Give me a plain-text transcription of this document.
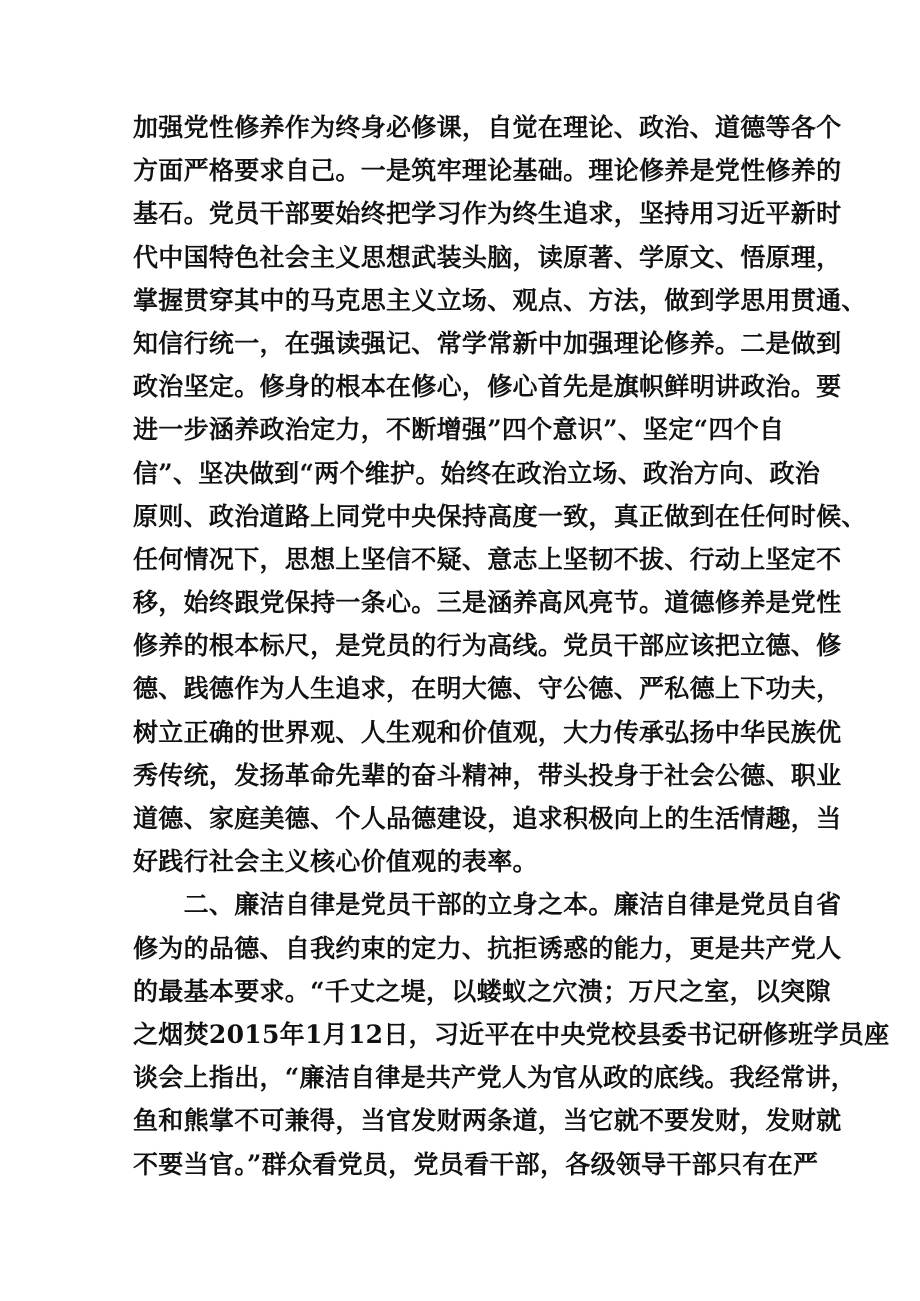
加强党性修养作为终身必修课，自觉在理论、政治、道德等各个
方面严格要求自己。一是筑牢理论基础。理论修养是党性修养的
基石。党员干部要始终把学习作为终生追求，坚持用习近平新时
代中国特色社会主义思想武装头脑，读原著、学原文、悟原理，
掌握贯穿其中的马克思主义立场、观点、方法，做到学思用贯通、
知信行统一，在强读强记、常学常新中加强理论修养。二是做到
政治坚定。修身的根本在修心，修心首先是旗帜鲜明讲政治。要
进一步涵养政治定力，不断增强”四个意识”、坚定“四个自
信”、坚决做到“两个维护。始终在政治立场、政治方向、政治
原则、政治道路上同党中央保持高度一致，真正做到在任何时候、
任何情况下，思想上坚信不疑、意志上坚韧不拔、行动上坚定不
移，始终跟党保持一条心。三是涵养高风亮节。道德修养是党性
修养的根本标尺，是党员的行为高线。党员干部应该把立德、修
德、践德作为人生追求，在明大德、守公德、严私德上下功夫，
树立正确的世界观、人生观和价值观，大力传承弘扬中华民族优
秀传统，发扬革命先辈的奋斗精神，带头投身于社会公德、职业
道德、家庭美德、个人品德建设，追求积极向上的生活情趣，当
好践行社会主义核心价值观的表率。
　　二、廉洁自律是党员干部的立身之本。廉洁自律是党员自省
修为的品德、自我约束的定力、抗拒诱惑的能力，更是共产党人
的最基本要求。“千丈之堤，以蝼蚁之穴溃；万尺之室，以突隙
之烟焚2015年1月12日，习近平在中央党校县委书记研修班学员座
谈会上指出，“廉洁自律是共产党人为官从政的底线。我经常讲，
鱼和熊掌不可兼得，当官发财两条道，当它就不要发财，发财就
不要当官。”群众看党员，党员看干部，各级领导干部只有在严
